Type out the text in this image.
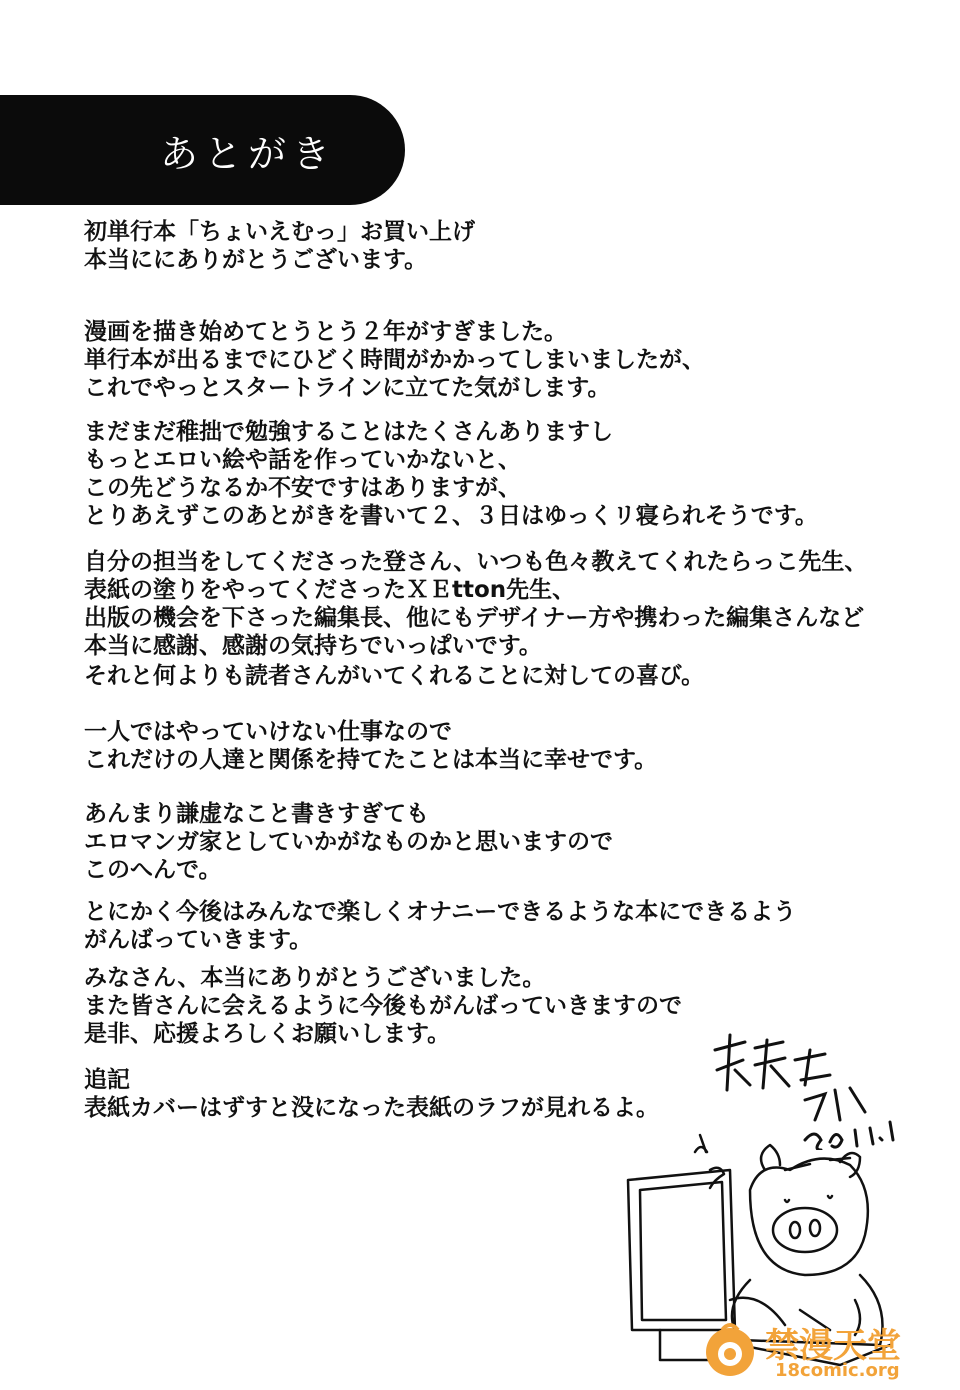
あとがき

初単行本「ちょいえむっ」お買い上げ
本当ににありがとうございます。

漫画を描き始めてとうとう２年がすぎました。
単行本が出るまでにひどく時間がかかってしまいましたが、
これでやっとスタートラインに立てた気がします。

まだまだ稚拙で勉強することはたくさんありますし
もっとエロい絵や話を作っていかないと、
この先どうなるか不安ですはありますが、
とりあえずこのあとがきを書いて２、３日はゆっくリ寝られそうです。

自分の担当をしてくださった登さん、いつも色々教えてくれたらっこ先生、
表紙の塗りをやってくださったＸＥtton先生、
出版の機会を下さった編集長、他にもデザイナー方や携わった編集さんなど
本当に感謝、感謝の気持ちでいっぱいです。

それと何よりも読者さんがいてくれることに対しての喜び。

一人ではやっていけない仕事なので
これだけの人達と関係を持てたことは本当に幸せです。

あんまり謙虚なこと書きすぎても
エロマンガ家としていかがなものかと思いますので
このへんで。

とにかく今後はみんなで楽しくオナニーできるような本にできるよう
がんばっていきます。

みなさん、本当にありがとうございました。
また皆さんに会えるように今後もがんばっていきますので
是非、応援よろしくお願いします。

追記
表紙カバーはずすと没になった表紙のラフが見れるよ。

禁漫天堂
18comic.org
